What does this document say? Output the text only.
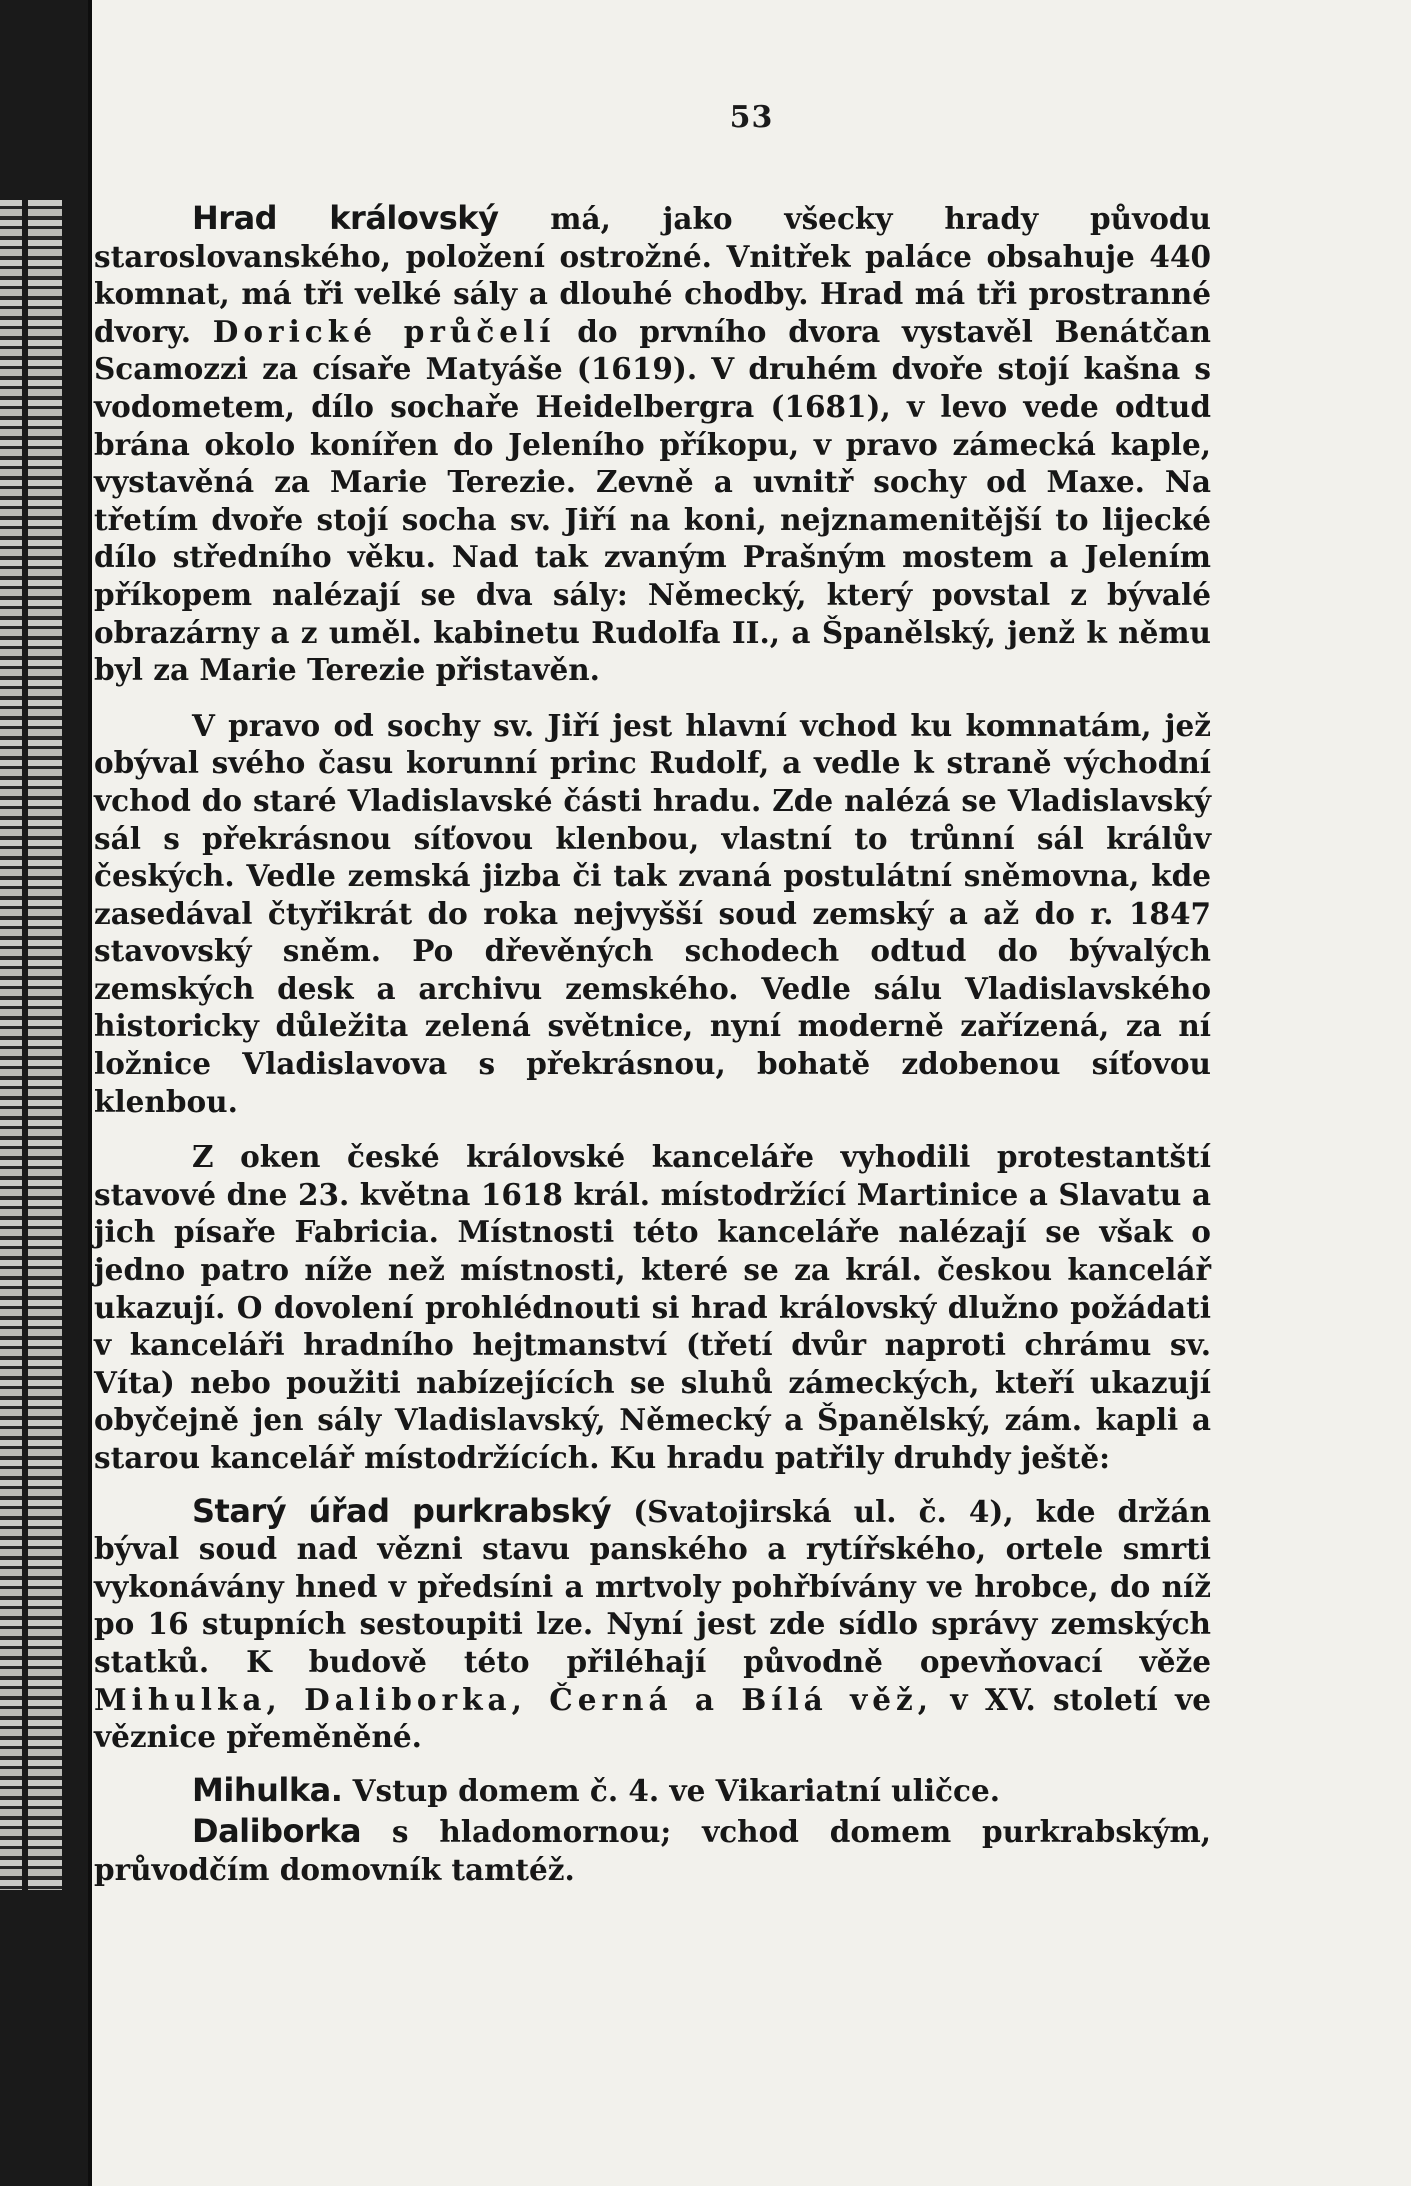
53

Hrad královský má, jako všecky hrady původu staroslovanského, položení ostrožné. Vnitřek paláce obsahuje 440 komnat, má tři velké sály a dlouhé chodby. Hrad má tři prostranné dvory. Dorické průčelí do prvního dvora vystavěl Benátčan Scamozzi za císaře Matyáše (1619). V druhém dvoře stojí kašna s vodometem, dílo sochaře Heidelbergra (1681), v levo vede odtud brána okolo konířen do Jeleního příkopu, v pravo zámecká kaple, vystavěná za Marie Terezie. Zevně a uvnitř sochy od Maxe. Na třetím dvoře stojí socha sv. Jiří na koni, nejznamenitější to lijecké dílo středního věku. Nad tak zvaným Prašným mostem a Jelením příkopem nalézají se dva sály: Německý, který povstal z bývalé obrazárny a z uměl. kabinetu Rudolfa II., a Španělský, jenž k němu byl za Marie Terezie přistavěn.

V pravo od sochy sv. Jiří jest hlavní vchod ku komnatám, jež obýval svého času korunní princ Rudolf, a vedle k straně východní vchod do staré Vladislavské části hradu. Zde nalézá se Vladislavský sál s překrásnou síťovou klenbou, vlastní to trůnní sál králův českých. Vedle zemská jizba či tak zvaná postulátní sněmovna, kde zasedával čtyřikrát do roka nejvyšší soud zemský a až do r. 1847 stavovský sněm. Po dřevěných schodech odtud do bývalých zemských desk a archivu zemského. Vedle sálu Vladislavského historicky důležita zelená světnice, nyní moderně zařízená, za ní ložnice Vladislavova s překrásnou, bohatě zdobenou síťovou klenbou.

Z oken české královské kanceláře vyhodili protestantští stavové dne 23. května 1618 král. místodržící Martinice a Slavatu a jich písaře Fabricia. Místnosti této kanceláře nalézají se však o jedno patro níže než místnosti, které se za král. českou kancelář ukazují. O dovolení prohlédnouti si hrad královský dlužno požádati v kanceláři hradního hejtmanství (třetí dvůr naproti chrámu sv. Víta) nebo použiti nabízejících se sluhů zámeckých, kteří ukazují obyčejně jen sály Vladislavský, Německý a Španělský, zám. kapli a starou kancelář místodržících. Ku hradu patřily druhdy ještě:

Starý úřad purkrabský (Svatojirská ul. č. 4), kde držán býval soud nad vězni stavu panského a rytířského, ortele smrti vykonávány hned v předsíni a mrtvoly pohřbívány ve hrobce, do níž po 16 stupních sestoupiti lze. Nyní jest zde sídlo správy zemských statků. K budově této přiléhají původně opevňovací věže Mihulka, Daliborka, Černá a Bílá věž, v XV. století ve věznice přeměněné.

Mihulka. Vstup domem č. 4. ve Vikariatní uličce.

Daliborka s hladomornou; vchod domem purkrabským, průvodčím domovník tamtéž.
